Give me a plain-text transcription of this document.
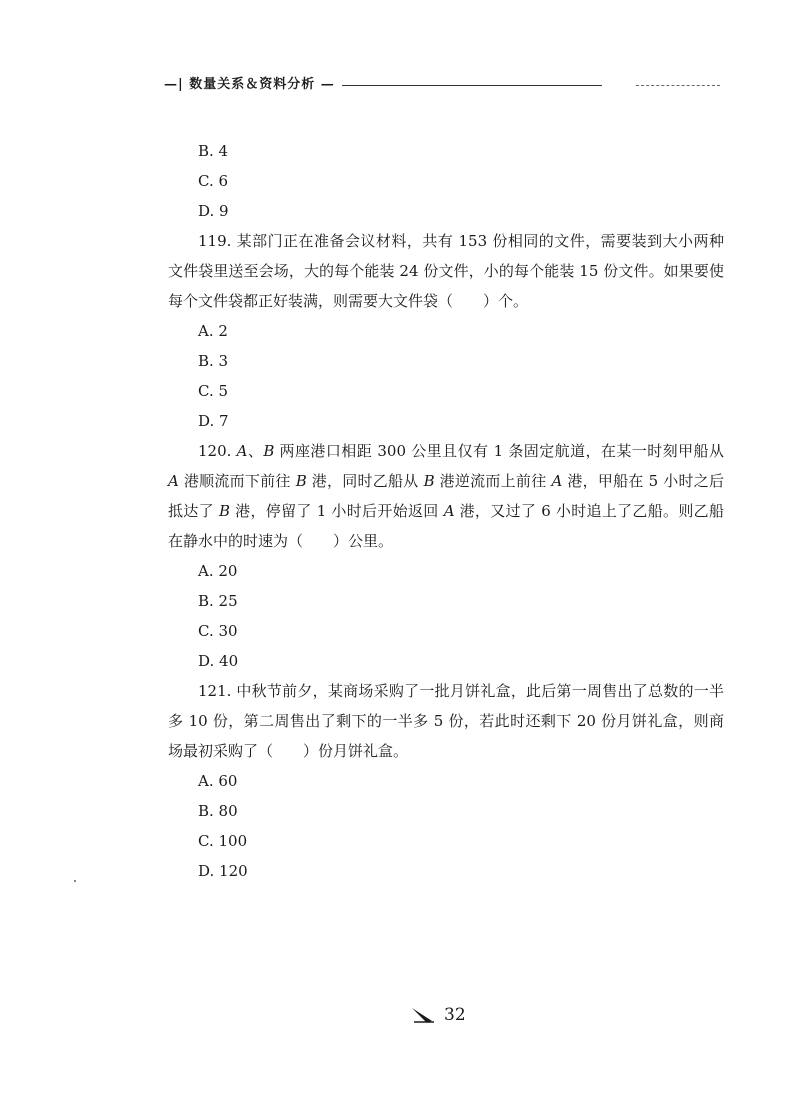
—| 数量关系＆资料分析 —
B. 4
C. 6
D. 9

119. 某部门正在准备会议材料，共有 153 份相同的文件，需要装到大小两种文件袋里送至会场，大的每个能装 24 份文件，小的每个能装 15 份文件。如果要使每个文件袋都正好装满，则需要大文件袋（　　）个。

A. 2
B. 3
C. 5
D. 7

120. A、B 两座港口相距 300 公里且仅有 1 条固定航道，在某一时刻甲船从 A 港顺流而下前往 B 港，同时乙船从 B 港逆流而上前往 A 港，甲船在 5 小时之后抵达了 B 港，停留了 1 小时后开始返回 A 港，又过了 6 小时追上了乙船。则乙船在静水中的时速为（　　）公里。

A. 20
B. 25
C. 30
D. 40

121. 中秋节前夕，某商场采购了一批月饼礼盒，此后第一周售出了总数的一半多 10 份，第二周售出了剩下的一半多 5 份，若此时还剩下 20 份月饼礼盒，则商场最初采购了（　　）份月饼礼盒。

A. 60
B. 80
C. 100
D. 120
32
